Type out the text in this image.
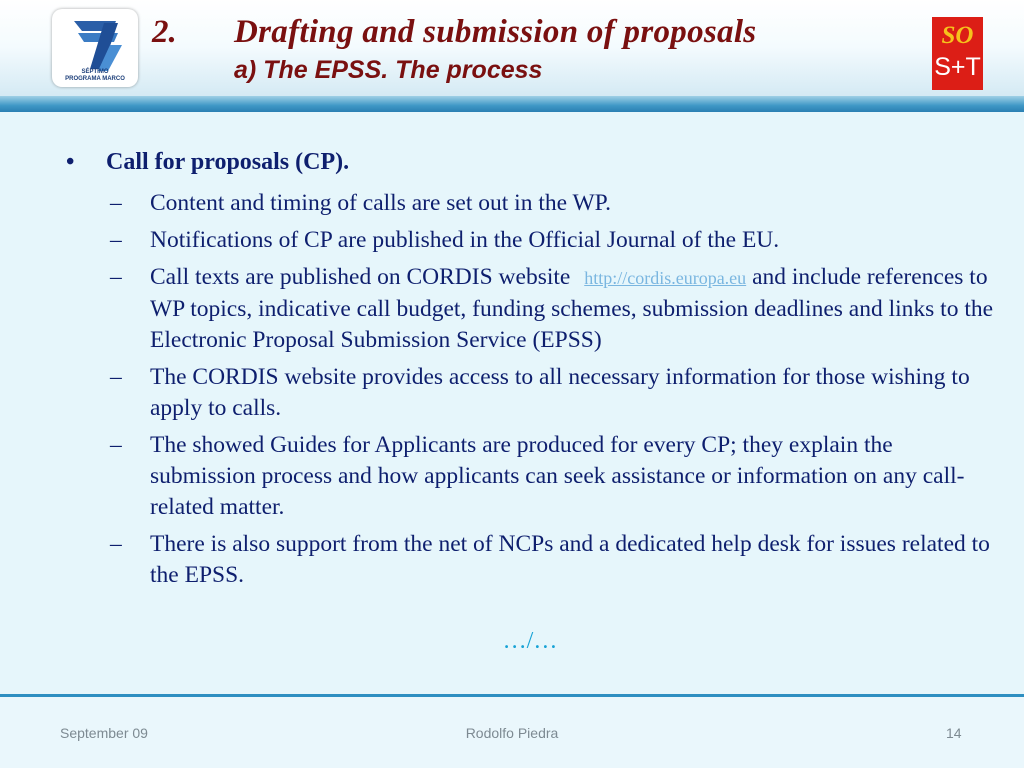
SÉPTIMO
PROGRAMA MARCO
2. Drafting and submission of proposals
a) The EPSS. The process
SO
S+T
• Call for proposals (CP).
– Content and timing of calls are set out in the WP.
– Notifications of CP are published in the Official Journal of the EU.
– Call texts are published on CORDIS website http://cordis.europa.eu and include references to WP topics, indicative call budget, funding schemes, submission deadlines and links to the Electronic Proposal Submission Service (EPSS)
– The CORDIS website provides access to all necessary information for those wishing to apply to calls.
– The showed Guides for Applicants are produced for every CP; they explain the submission process and how applicants can seek assistance or information on any call-related matter.
– There is also support from the net of NCPs and a dedicated help desk for issues related to the EPSS.
…/…
September 09	Rodolfo Piedra	14
